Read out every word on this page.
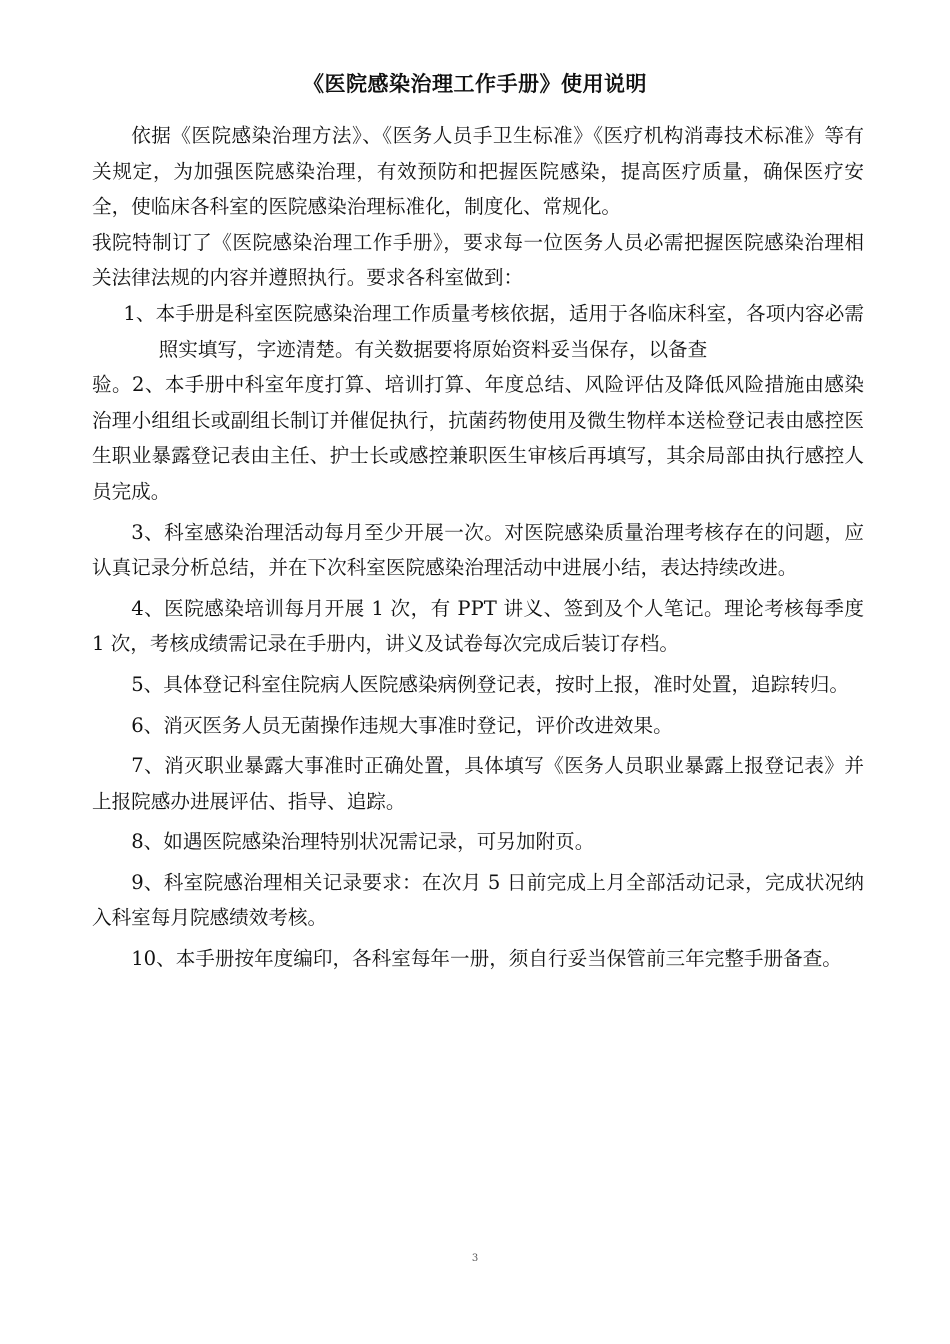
《医院感染治理工作手册》使用说明

依据《医院感染治理方法》、《医务人员手卫生标准》《医疗机构消毒技术标准》等有关规定，为加强医院感染治理，有效预防和把握医院感染，提高医疗质量，确保医疗安全，使临床各科室的医院感染治理标准化，制度化、常规化。

我院特制订了《医院感染治理工作手册》，要求每一位医务人员必需把握医院感染治理相关法律法规的内容并遵照执行。要求各科室做到：

1、本手册是科室医院感染治理工作质量考核依据，适用于各临床科室，各项内容必需照实填写，字迹清楚。有关数据要将原始资料妥当保存，以备查

验。2、本手册中科室年度打算、培训打算、年度总结、风险评估及降低风险措施由感染治理小组组长或副组长制订并催促执行，抗菌药物使用及微生物样本送检登记表由感控医生职业暴露登记表由主任、护士长或感控兼职医生审核后再填写，其余局部由执行感控人员完成。

3、科室感染治理活动每月至少开展一次。对医院感染质量治理考核存在的问题，应认真记录分析总结，并在下次科室医院感染治理活动中进展小结，表达持续改进。

4、医院感染培训每月开展 1 次，有 PPT 讲义、签到及个人笔记。理论考核每季度 1 次，考核成绩需记录在手册内，讲义及试卷每次完成后装订存档。

5、具体登记科室住院病人医院感染病例登记表，按时上报，准时处置，追踪转归。

6、消灭医务人员无菌操作违规大事准时登记，评价改进效果。

7、消灭职业暴露大事准时正确处置，具体填写《医务人员职业暴露上报登记表》并上报院感办进展评估、指导、追踪。

8、如遇医院感染治理特别状况需记录，可另加附页。

9、科室院感治理相关记录要求：在次月 5 日前完成上月全部活动记录，完成状况纳入科室每月院感绩效考核。

10、本手册按年度编印，各科室每年一册，须自行妥当保管前三年完整手册备查。

3
